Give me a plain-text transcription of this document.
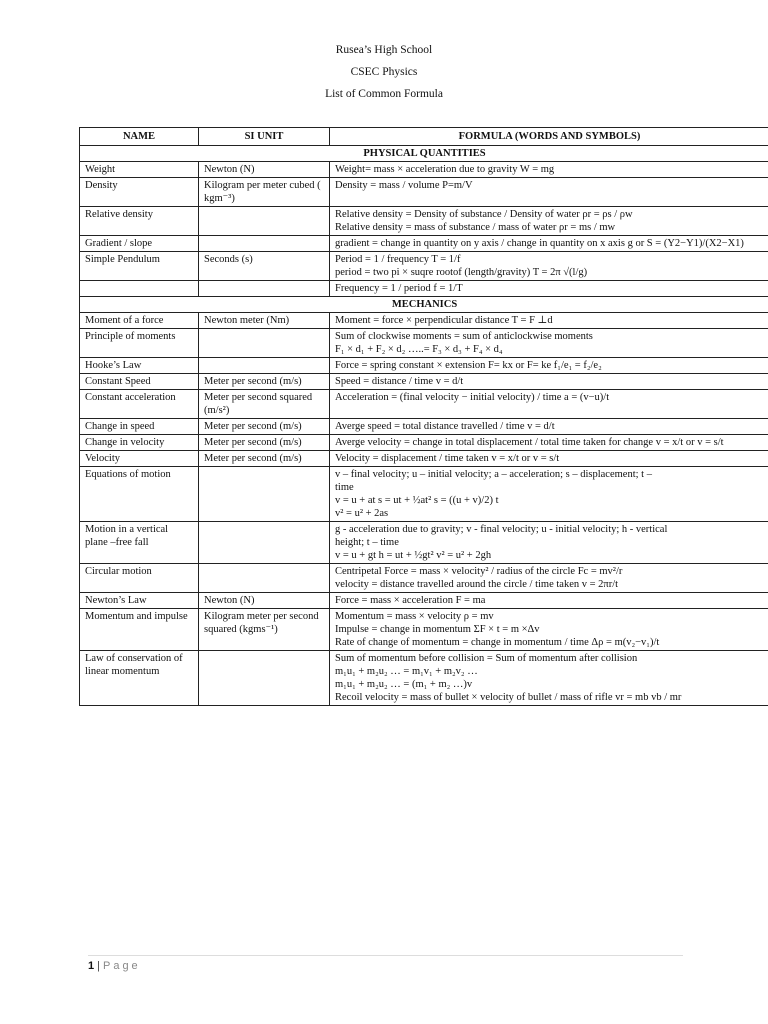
Rusea’s High School
CSEC Physics
List of Common Formula
NAME	SI UNIT	FORMULA (WORDS AND SYMBOLS)
PHYSICAL QUANTITIES		
Weight	Newton (N)	Weight= mass × acceleration due to gravity W = mg

Density	Kilogram per meter cubed ( kgm⁻³)	Density = mass / volume P=m/V

Relative density		Relative density = Density of substance / Density of water ρr = ρs / ρw
Relative density = mass of substance / mass of water ρr = ms / mw

Gradient / slope		gradient = change in quantity on y axis / change in quantity on x axis g or S = (Y2−Y1)/(X2−X1)

Simple Pendulum	Seconds (s)	Period = 1 / frequency T = 1/f
period = two pi × suqre rootof (length/gravity) T = 2π √(l/g)

		Frequency = 1 / period f = 1/T

MECHANICS		
Moment of a force	Newton meter (Nm)	Moment = force × perpendicular distance T = F ⊥d

Principle of moments		Sum of clockwise moments = sum of anticlockwise moments
F₁ × d₁ + F₂ × d₂ …..= F₃ × d₃ + F₄ × d₄

Hooke’s Law		Force = spring constant × extension F= kx or F= ke f₁/e₁ = f₂/e₂

Constant Speed	Meter per second (m/s)	Speed = distance / time v = d/t

Constant acceleration	Meter per second squared (m/s²)	Acceleration = (final velocity − initial velocity) / time a = (v−u)/t

Change in speed	Meter per second (m/s)	Averge speed = total distance travelled / time v = d/t

Change in velocity	Meter per second (m/s)	Averge velocity = change in total displacement / total time taken for change v = x/t or v = s/t

Velocity	Meter per second (m/s)	Velocity = displacement / time taken v = x/t or v = s/t

Equations of motion		v – final velocity; u – initial velocity; a – acceleration; s – displacement; t –
time
v = u + at s = ut + ½at² s = ((u + v)/2) t
v² = u² + 2as

Motion in a vertical plane –free fall		g - acceleration due to gravity; v - final velocity; u - initial velocity; h - vertical
height; t – time
v = u + gt h = ut + ½gt² v² = u² + 2gh

Circular motion		Centripetal Force = mass × velocity² / radius of the circle Fc = mv²/r
velocity = distance travelled around the circle / time taken v = 2πr/t

Newton’s Law	Newton (N)	Force = mass × acceleration F = ma

Momentum and impulse	Kilogram meter per second squared (kgms⁻¹)	Momentum = mass × velocity ρ = mv
Impulse = change in momentum ΣF × t = m ×Δv
Rate of change of momentum = change in momentum / time Δρ = m(v₂−v₁)/t

Law of conservation of linear momentum		Sum of momentum before collision = Sum of momentum after collision
m₁u₁ + m₂u₂ … = m₁v₁ + m₂v₂ …
m₁u₁ + m₂u₂ … = (m₁ + m₂ …)v
Recoil velocity = mass of bullet × velocity of bullet / mass of rifle vr = mb vb / mr
1 | Page
